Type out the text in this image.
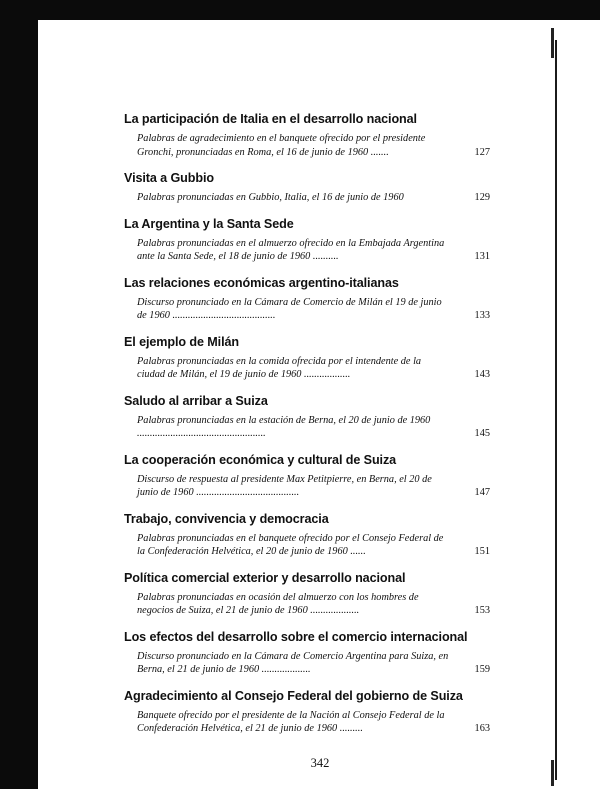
La participación de Italia en el desarrollo nacional
Palabras de agradecimiento en el banquete ofrecido por el presidente Gronchi, pronunciadas en Roma, el 16 de junio de 1960 .......	127
Visita a Gubbio
Palabras pronunciadas en Gubbio, Italia, el 16 de junio de 1960	129
La Argentina y la Santa Sede
Palabras pronunciadas en el almuerzo ofrecido en la Embajada Argentina ante la Santa Sede, el 18 de junio de 1960 ..........	131
Las relaciones económicas argentino-italianas
Discurso pronunciado en la Cámara de Comercio de Milán el 19 de junio de 1960 ........................................	133
El ejemplo de Milán
Palabras pronunciadas en la comida ofrecida por el intendente de la ciudad de Milán, el 19 de junio de 1960 ..................	143
Saludo al arribar a Suiza
Palabras pronunciadas en la estación de Berna, el 20 de junio de 1960 ..................................................	145
La cooperación económica y cultural de Suiza
Discurso de respuesta al presidente Max Petitpierre, en Berna, el 20 de junio de 1960 ........................................	147
Trabajo, convivencia y democracia
Palabras pronunciadas en el banquete ofrecido por el Consejo Federal de la Confederación Helvética, el 20 de junio de 1960 ......	151
Política comercial exterior y desarrollo nacional
Palabras pronunciadas en ocasión del almuerzo con los hombres de negocios de Suiza, el 21 de junio de 1960 ...................	153
Los efectos del desarrollo sobre el comercio internacional
Discurso pronunciado en la Cámara de Comercio Argentina para Suiza, en Berna, el 21 de junio de 1960 ...................	159
Agradecimiento al Consejo Federal del gobierno de Suiza
Banquete ofrecido por el presidente de la Nación al Consejo Federal de la Confederación Helvética, el 21 de junio de 1960 .........	163
342
